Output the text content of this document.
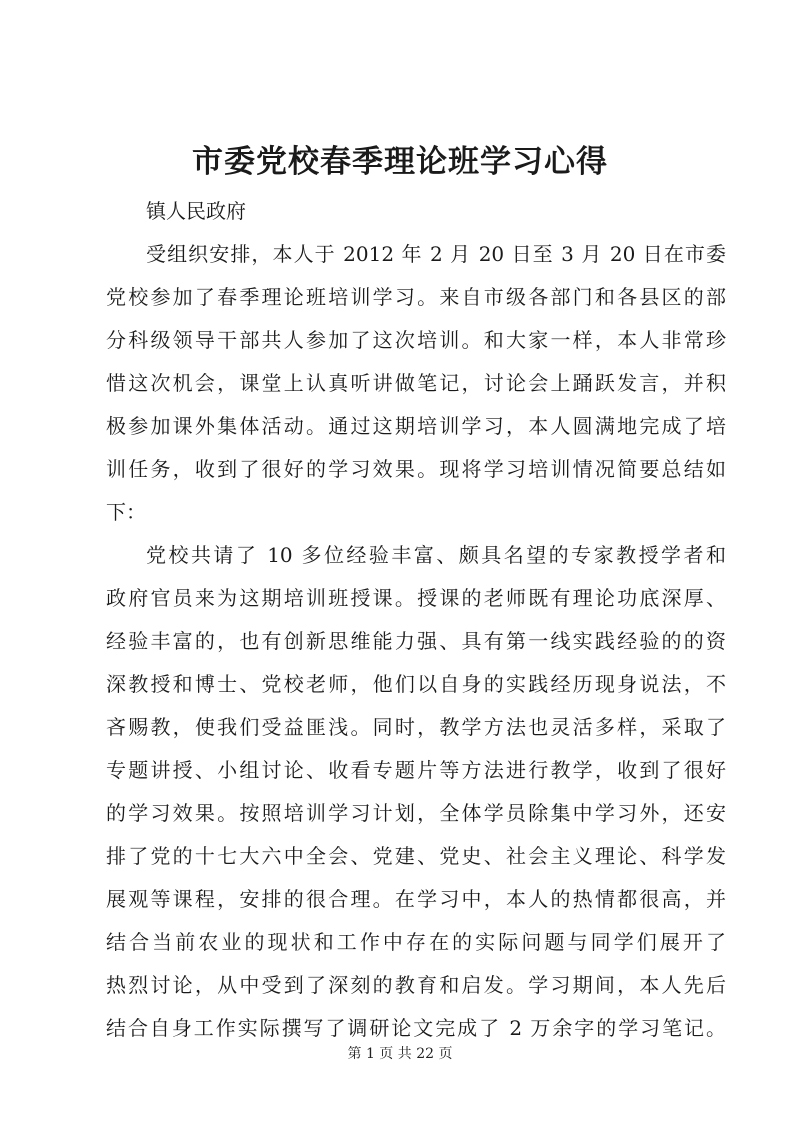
市委党校春季理论班学习心得
镇人民政府
受组织安排，本人于 2012 年 2 月 20 日至 3 月 20 日在市委
党校参加了春季理论班培训学习。来自市级各部门和各县区的部
分科级领导干部共人参加了这次培训。和大家一样，本人非常珍
惜这次机会，课堂上认真听讲做笔记，讨论会上踊跃发言，并积
极参加课外集体活动。通过这期培训学习，本人圆满地完成了培
训任务，收到了很好的学习效果。现将学习培训情况简要总结如
下：
党校共请了 10 多位经验丰富、颇具名望的专家教授学者和
政府官员来为这期培训班授课。授课的老师既有理论功底深厚、
经验丰富的，也有创新思维能力强、具有第一线实践经验的的资
深教授和博士、党校老师，他们以自身的实践经历现身说法，不
吝赐教，使我们受益匪浅。同时，教学方法也灵活多样，采取了
专题讲授、小组讨论、收看专题片等方法进行教学，收到了很好
的学习效果。按照培训学习计划，全体学员除集中学习外，还安
排了党的十七大六中全会、党建、党史、社会主义理论、科学发
展观等课程，安排的很合理。在学习中，本人的热情都很高，并
结合当前农业的现状和工作中存在的实际问题与同学们展开了
热烈讨论，从中受到了深刻的教育和启发。学习期间，本人先后
结合自身工作实际撰写了调研论文完成了 2 万余字的学习笔记。
第 1 页 共 22 页
